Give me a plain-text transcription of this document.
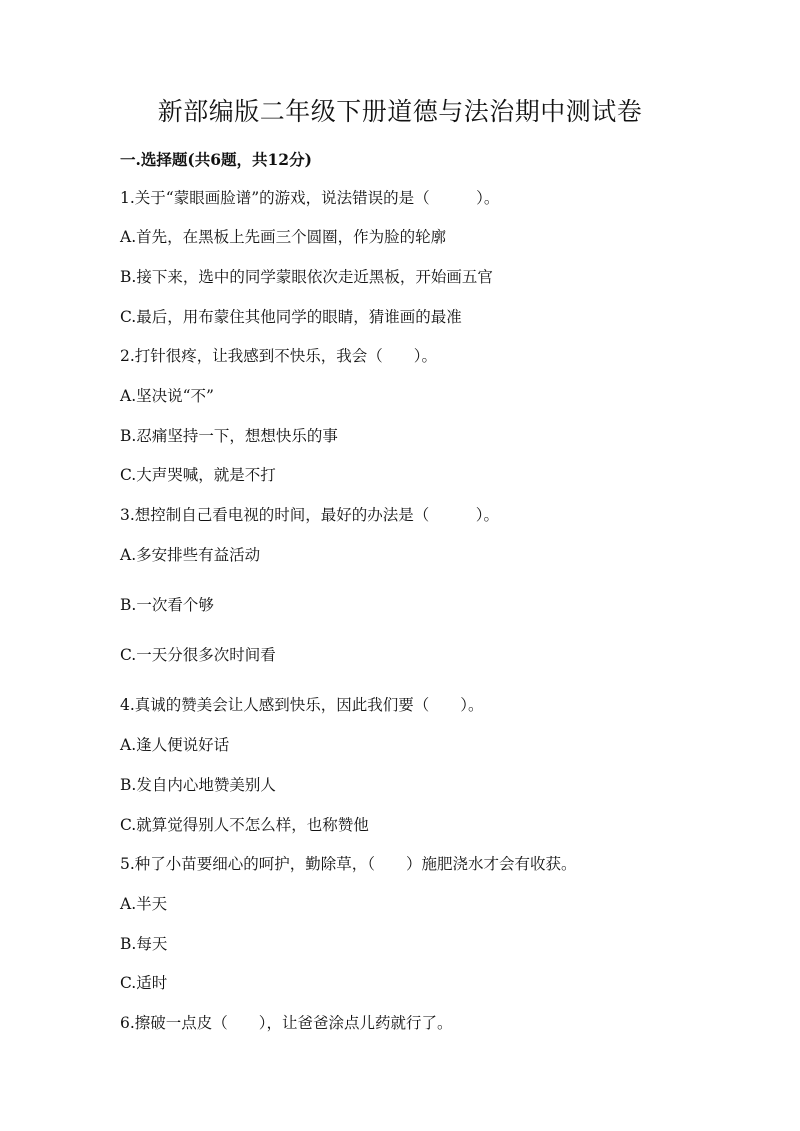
新部编版二年级下册道德与法治期中测试卷
一.选择题(共6题，共12分)
1.关于“蒙眼画脸谱”的游戏，说法错误的是（　　　）。
A.首先，在黑板上先画三个圆圈，作为脸的轮廓
B.接下来，选中的同学蒙眼依次走近黑板，开始画五官
C.最后，用布蒙住其他同学的眼睛，猜谁画的最准
2.打针很疼，让我感到不快乐，我会（　　）。
A.坚决说“不”
B.忍痛坚持一下，想想快乐的事
C.大声哭喊，就是不打
3.想控制自己看电视的时间，最好的办法是（　　　）。
A.多安排些有益活动
B.一次看个够
C.一天分很多次时间看
4.真诚的赞美会让人感到快乐，因此我们要（　　）。
A.逢人便说好话
B.发自内心地赞美别人
C.就算觉得别人不怎么样，也称赞他
5.种了小苗要细心的呵护，勤除草，（　　）施肥浇水才会有收获。
A.半天
B.每天
C.适时
6.擦破一点皮（　　），让爸爸涂点儿药就行了。
